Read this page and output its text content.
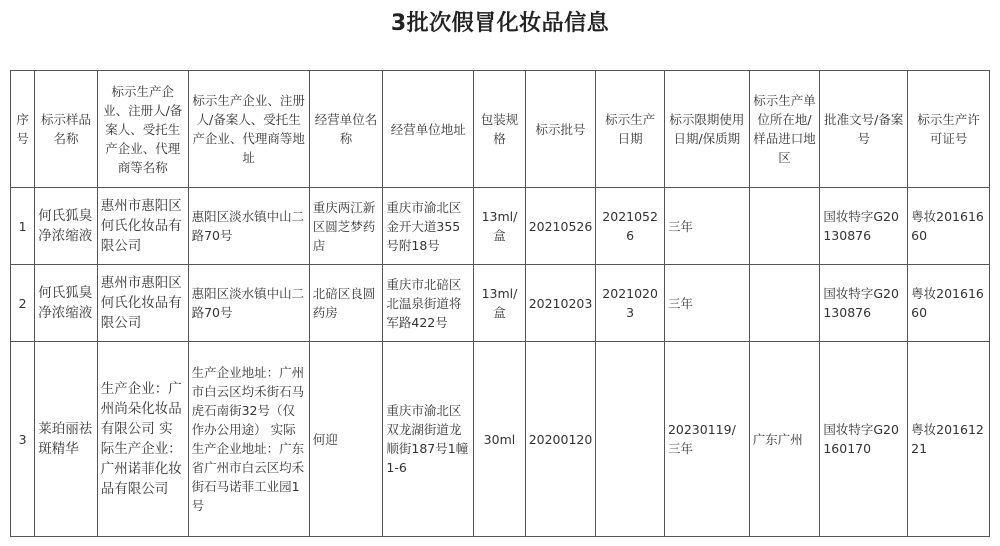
3批次假冒化妆品信息
序号	标示样品名称	标示生产企业、注册人/备案人、受托生产企业、代理商等名称	标示生产企业、注册人/备案人、受托生产企业、代理商等地址	经营单位名称	经营单位地址	包装规格	标示批号	标示生产日期	标示限期使用日期/保质期	标示生产单位所在地/样品进口地区	批准文号/备案号	标示生产许可证号
1	何氏狐臭净浓缩液	惠州市惠阳区何氏化妆品有限公司	惠阳区淡水镇中山二路70号	重庆两江新区圆芝梦药店	重庆市渝北区金开大道355号附18号	13ml/盒	20210526	20210526	三年		国妆特字G20130876	粤妆20161660
2	何氏狐臭净浓缩液	惠州市惠阳区何氏化妆品有限公司	惠阳区淡水镇中山二路70号	北碚区良圆药房	重庆市北碚区北温泉街道将军路422号	13ml/盒	20210203	20210203	三年		国妆特字G20130876	粤妆20161660
3	莱珀丽祛斑精华	生产企业：广州尚朵化妆品有限公司 实际生产企业：广州诺菲化妆品有限公司	生产企业地址：广州市白云区均禾街石马虎石南街32号（仅作办公用途） 实际生产企业地址：广东省广州市白云区均禾街石马诺菲工业园1号	何迎	重庆市渝北区双龙湖街道龙顺街187号1幢1-6	30ml	20200120		20230119/三年	广东广州	国妆特字G20160170	粤妆20161221
